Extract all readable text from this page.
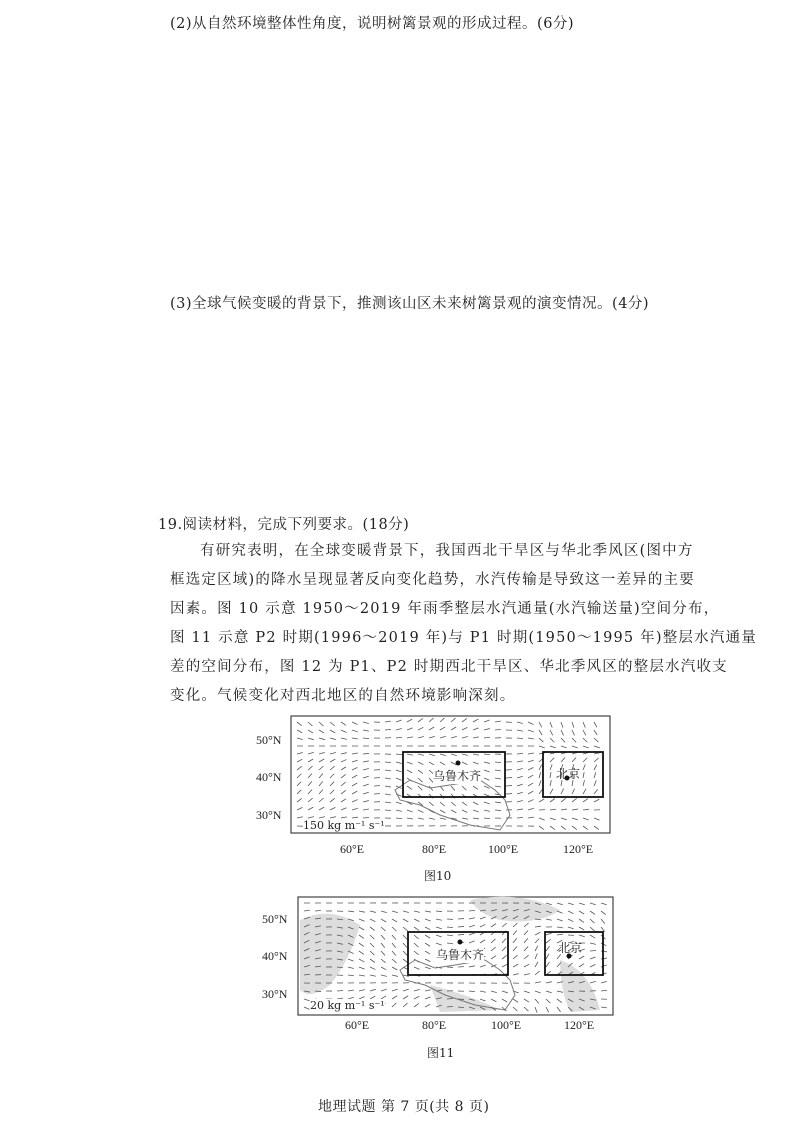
(2)从自然环境整体性角度，说明树篱景观的形成过程。(6分)
(3)全球气候变暖的背景下，推测该山区未来树篱景观的演变情况。(4分)
19.阅读材料，完成下列要求。(18分)
有研究表明，在全球变暖背景下，我国西北干旱区与华北季风区(图中方
框选定区域)的降水呈现显著反向变化趋势，水汽传输是导致这一差异的主要
因素。图 10 示意 1950～2019 年雨季整层水汽通量(水汽输送量)空间分布，
图 11 示意 P2 时期(1996～2019 年)与 P1 时期(1950～1995 年)整层水汽通量
差的空间分布，图 12 为 P1、P2 时期西北干旱区、华北季风区的整层水汽收支
变化。气候变化对西北地区的自然环境影响深刻。
50°N
40°N
30°N
60°E	80°E	100°E	120°E
乌鲁木齐	北京
150 kg m⁻¹ s⁻¹
图10
50°N
40°N
30°N
60°E	80°E	100°E	120°E
乌鲁木齐	北京
20 kg m⁻¹ s⁻¹
图11
地理试题 第 7 页(共 8 页)
